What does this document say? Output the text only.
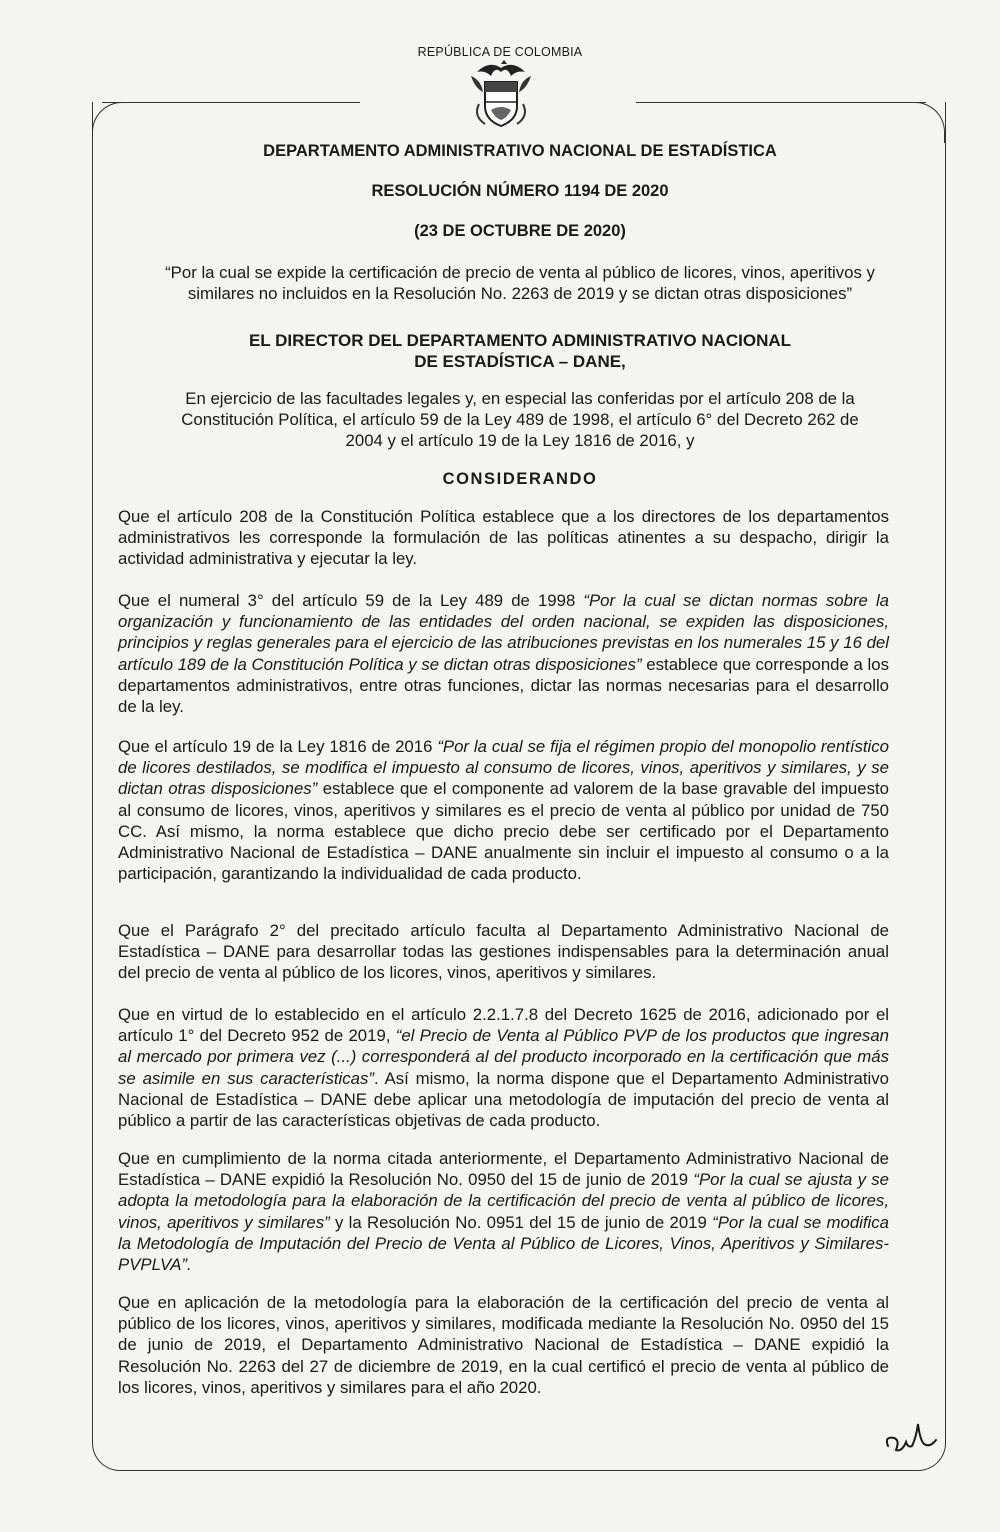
REPÚBLICA DE COLOMBIA
DEPARTAMENTO ADMINISTRATIVO NACIONAL DE ESTADÍSTICA
RESOLUCIÓN NÚMERO 1194 DE 2020
(23 DE OCTUBRE DE 2020)
“Por la cual se expide la certificación de precio de venta al público de licores, vinos, aperitivos y
similares no incluidos en la Resolución No. 2263 de 2019 y se dictan otras disposiciones”
EL DIRECTOR DEL DEPARTAMENTO ADMINISTRATIVO NACIONAL
DE ESTADÍSTICA – DANE,
En ejercicio de las facultades legales y, en especial las conferidas por el artículo 208 de la
Constitución Política, el artículo 59 de la Ley 489 de 1998, el artículo 6° del Decreto 262 de
2004 y el artículo 19 de la Ley 1816 de 2016, y
CONSIDERANDO

Que el artículo 208 de la Constitución Política establece que a los directores de los departamentos administrativos les corresponde la formulación de las políticas atinentes a su despacho, dirigir la actividad administrativa y ejecutar la ley.

Que el numeral 3° del artículo 59 de la Ley 489 de 1998 “Por la cual se dictan normas sobre la organización y funcionamiento de las entidades del orden nacional, se expiden las disposiciones, principios y reglas generales para el ejercicio de las atribuciones previstas en los numerales 15 y 16 del artículo 189 de la Constitución Política y se dictan otras disposiciones” establece que corresponde a los departamentos administrativos, entre otras funciones, dictar las normas necesarias para el desarrollo de la ley.

Que el artículo 19 de la Ley 1816 de 2016 “Por la cual se fija el régimen propio del monopolio rentístico de licores destilados, se modifica el impuesto al consumo de licores, vinos, aperitivos y similares, y se dictan otras disposiciones” establece que el componente ad valorem de la base gravable del impuesto al consumo de licores, vinos, aperitivos y similares es el precio de venta al público por unidad de 750 CC. Así mismo, la norma establece que dicho precio debe ser certificado por el Departamento Administrativo Nacional de Estadística – DANE anualmente sin incluir el impuesto al consumo o a la participación, garantizando la individualidad de cada producto.

Que el Parágrafo 2° del precitado artículo faculta al Departamento Administrativo Nacional de Estadística – DANE para desarrollar todas las gestiones indispensables para la determinación anual del precio de venta al público de los licores, vinos, aperitivos y similares.

Que en virtud de lo establecido en el artículo 2.2.1.7.8 del Decreto 1625 de 2016, adicionado por el artículo 1° del Decreto 952 de 2019, “el Precio de Venta al Público PVP de los productos que ingresan al mercado por primera vez (...) corresponderá al del producto incorporado en la certificación que más se asimile en sus características”. Así mismo, la norma dispone que el Departamento Administrativo Nacional de Estadística – DANE debe aplicar una metodología de imputación del precio de venta al público a partir de las características objetivas de cada producto.

Que en cumplimiento de la norma citada anteriormente, el Departamento Administrativo Nacional de Estadística – DANE expidió la Resolución No. 0950 del 15 de junio de 2019 “Por la cual se ajusta y se adopta la metodología para la elaboración de la certificación del precio de venta al público de licores, vinos, aperitivos y similares” y la Resolución No. 0951 del 15 de junio de 2019 “Por la cual se modifica la Metodología de Imputación del Precio de Venta al Público de Licores, Vinos, Aperitivos y Similares- PVPLVA”.

Que en aplicación de la metodología para la elaboración de la certificación del precio de venta al público de los licores, vinos, aperitivos y similares, modificada mediante la Resolución No. 0950 del 15 de junio de 2019, el Departamento Administrativo Nacional de Estadística – DANE expidió la Resolución No. 2263 del 27 de diciembre de 2019, en la cual certificó el precio de venta al público de los licores, vinos, aperitivos y similares para el año 2020.
